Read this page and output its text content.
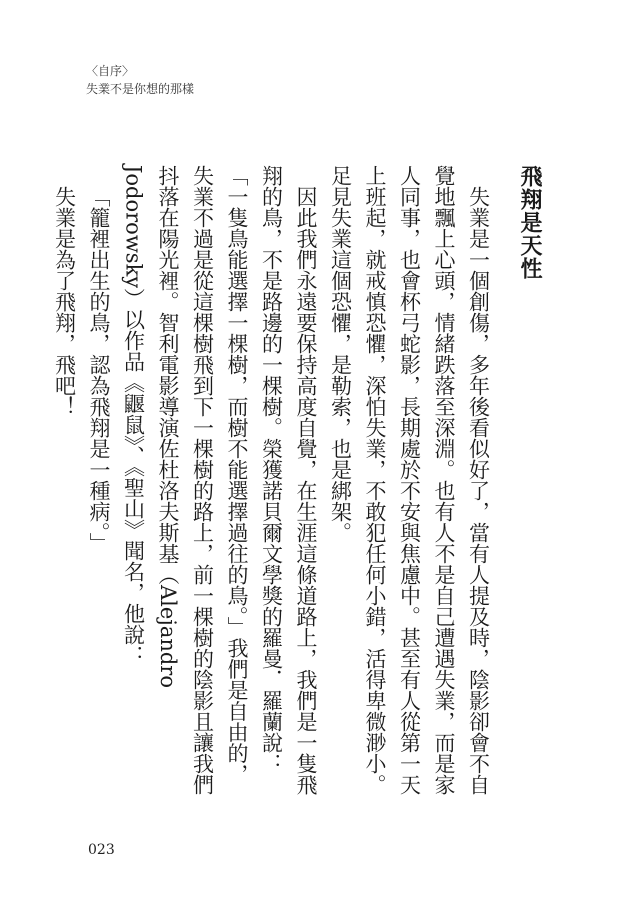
〈自序〉
失業不是你想的那樣

飛翔是天性

失業是一個創傷，多年後看似好了，當有人提及時，陰影卻會不自覺地飄上心頭，情緒跌落至深淵。也有人不是自己遭遇失業，而是家人同事，也會杯弓蛇影，長期處於不安與焦慮中。甚至有人從第一天上班起，就戒慎恐懼，深怕失業，不敢犯任何小錯，活得卑微渺小。足見失業這個恐懼，是勒索，也是綁架。

因此我們永遠要保持高度自覺，在生涯這條道路上，我們是一隻飛翔的鳥，不是路邊的一棵樹。榮獲諾貝爾文學獎的羅曼．羅蘭說：「一隻鳥能選擇一棵樹，而樹不能選擇過往的鳥。」我們是自由的，失業不過是從這棵樹飛到下一棵樹的路上，前一棵樹的陰影且讓我們抖落在陽光裡。智利電影導演佐杜洛夫斯基（Alejandro Jodorowsky）以作品《鼴鼠》、《聖山》聞名，他說：

「籠裡出生的鳥，認為飛翔是一種病。」

失業是為了飛翔，飛吧！

023
